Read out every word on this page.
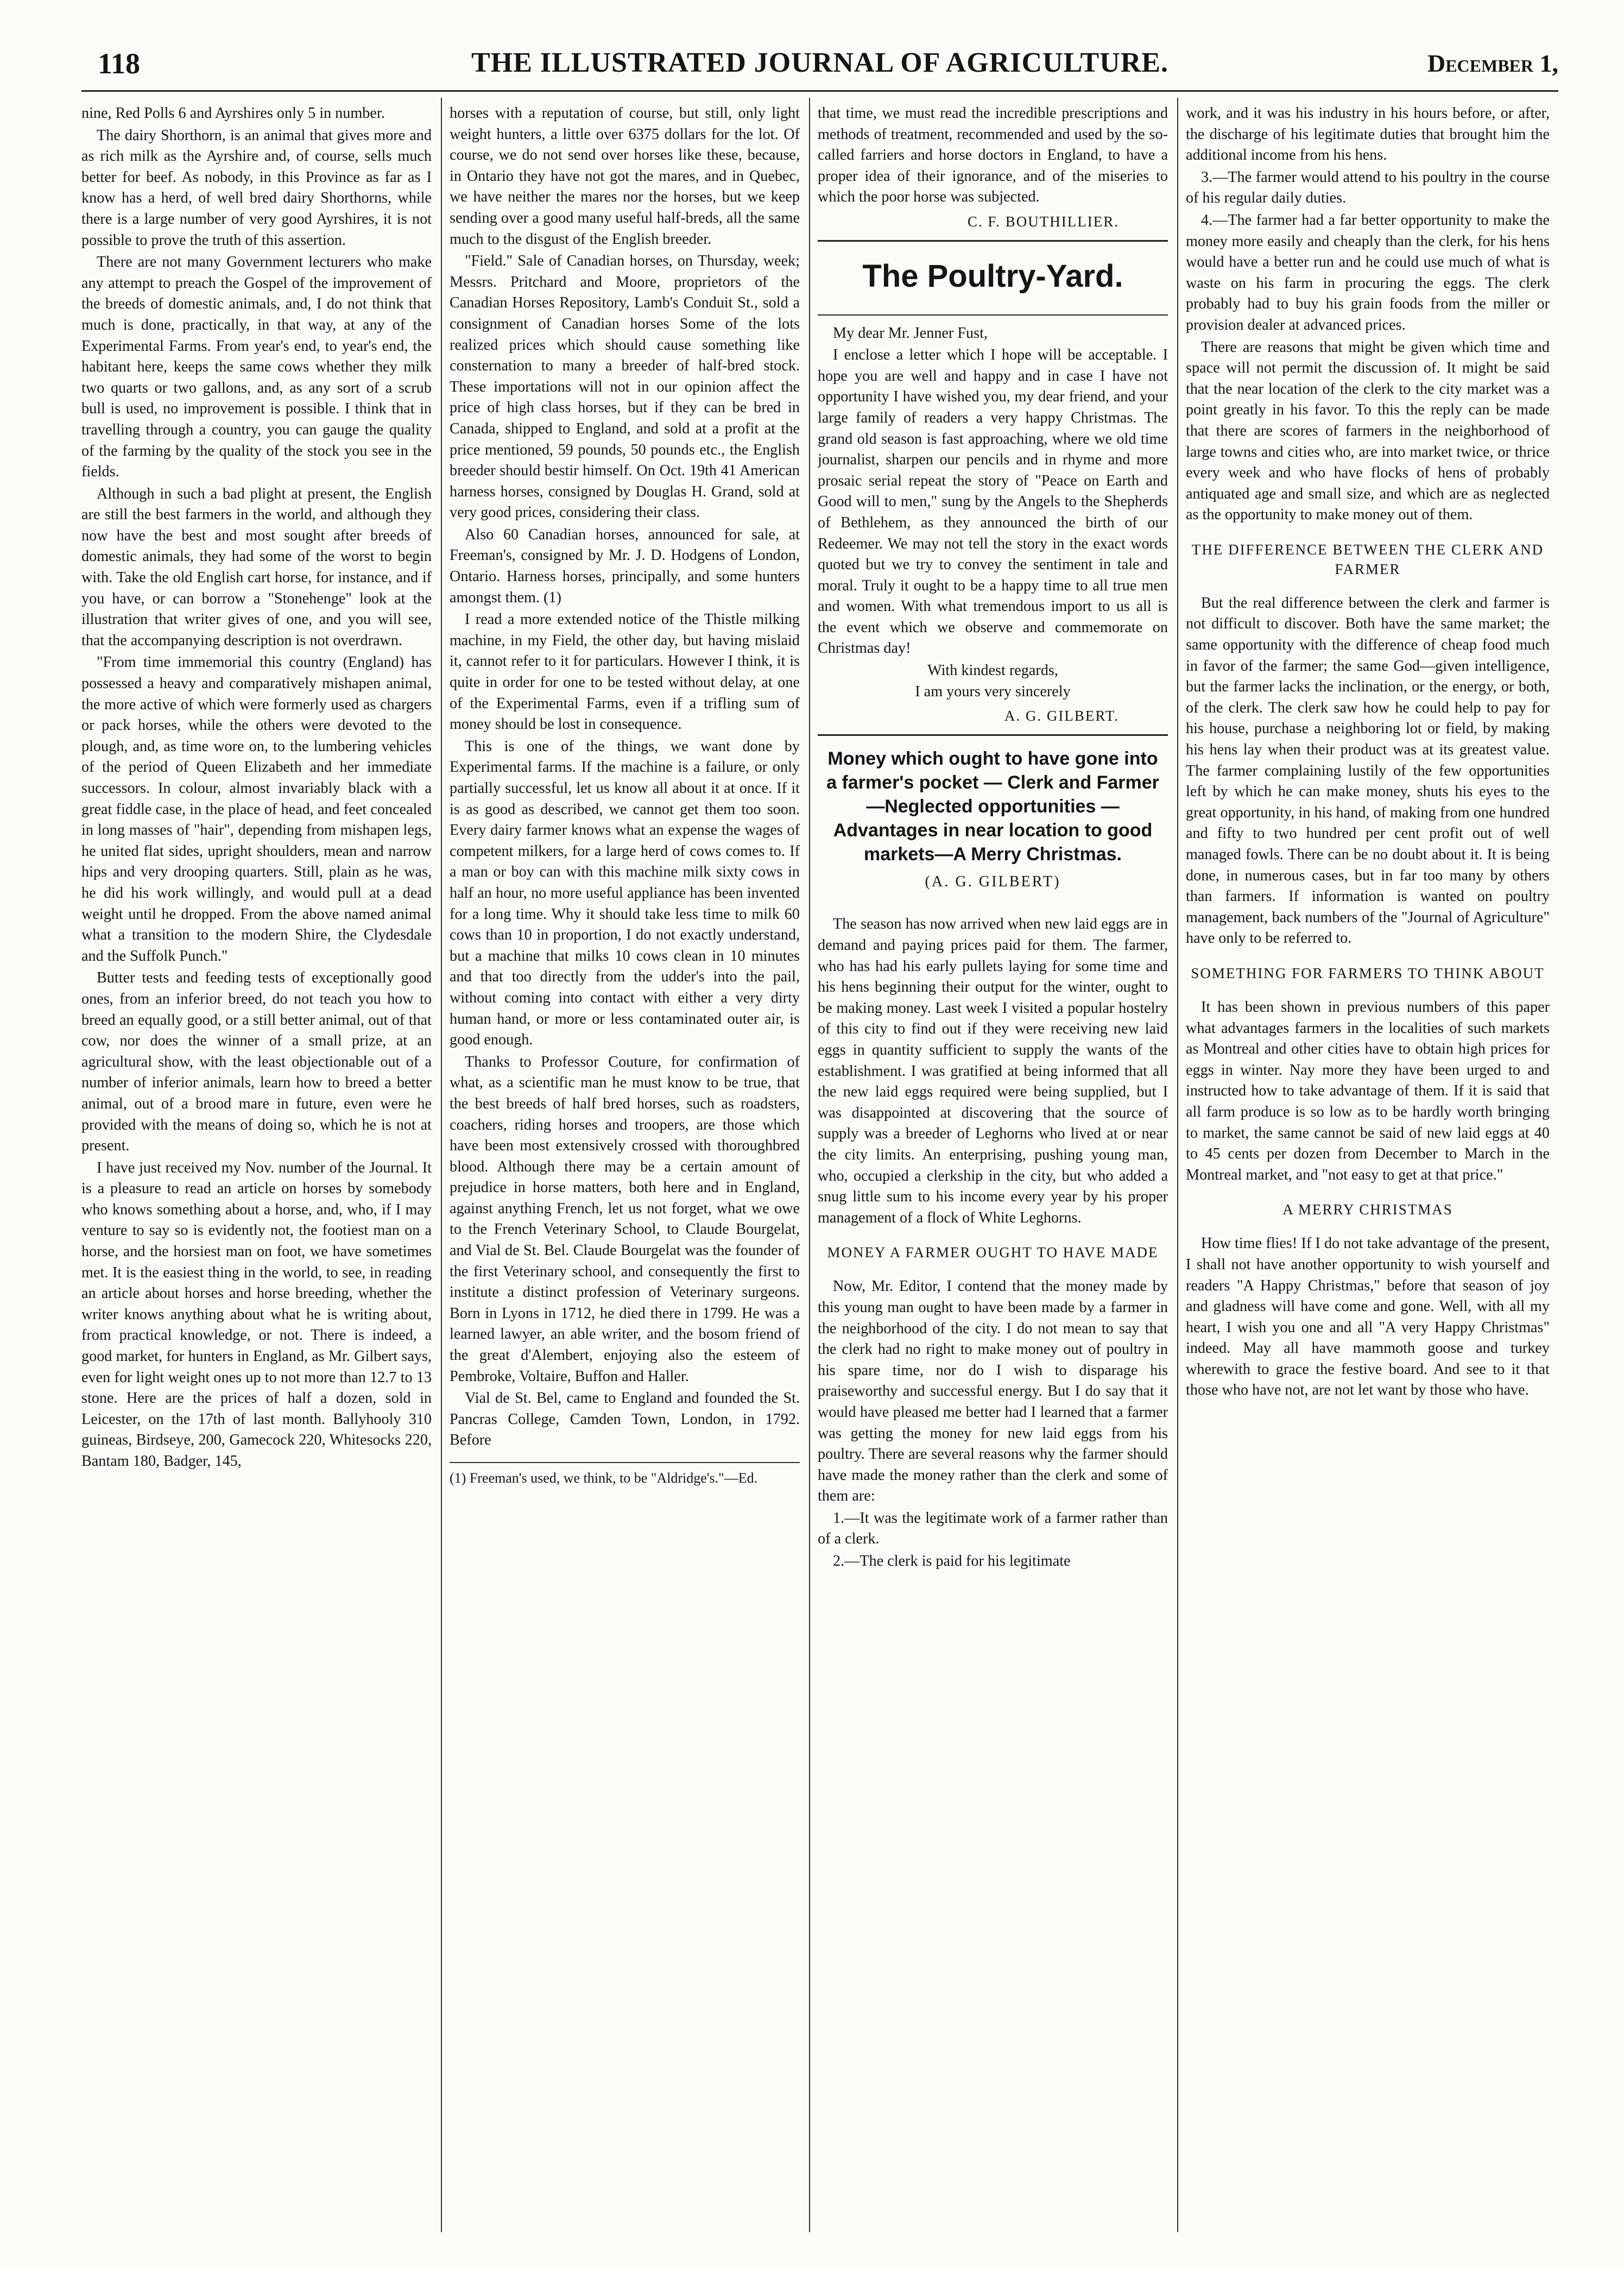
118	THE ILLUSTRATED JOURNAL OF AGRICULTURE.	December 1,

nine, Red Polls 6 and Ayrshires only 5 in number.

The dairy Shorthorn, is an animal that gives more and as rich milk as the Ayrshire and, of course, sells much better for beef. As nobody, in this Province as far as I know has a herd, of well bred dairy Shorthorns, while there is a large number of very good Ayrshires, it is not possible to prove the truth of this assertion.

There are not many Government lecturers who make any attempt to preach the Gospel of the improvement of the breeds of domestic animals, and, I do not think that much is done, practically, in that way, at any of the Experimental Farms. From year's end, to year's end, the habitant here, keeps the same cows whether they milk two quarts or two gallons, and, as any sort of a scrub bull is used, no improvement is possible. I think that in travelling through a country, you can gauge the quality of the farming by the quality of the stock you see in the fields.

Although in such a bad plight at present, the English are still the best farmers in the world, and although they now have the best and most sought after breeds of domestic animals, they had some of the worst to begin with. Take the old English cart horse, for instance, and if you have, or can borrow a "Stonehenge" look at the illustration that writer gives of one, and you will see, that the accompanying description is not overdrawn.

"From time immemorial this country (England) has possessed a heavy and comparatively mishapen animal, the more active of which were formerly used as chargers or pack horses, while the others were devoted to the plough, and, as time wore on, to the lumbering vehicles of the period of Queen Elizabeth and her immediate successors. In colour, almost invariably black with a great fiddle case, in the place of head, and feet concealed in long masses of "hair", depending from mishapen legs, he united flat sides, upright shoulders, mean and narrow hips and very drooping quarters. Still, plain as he was, he did his work willingly, and would pull at a dead weight until he dropped. From the above named animal what a transition to the modern Shire, the Clydesdale and the Suffolk Punch."

Butter tests and feeding tests of exceptionally good ones, from an inferior breed, do not teach you how to breed an equally good, or a still better animal, out of that cow, nor does the winner of a small prize, at an agricultural show, with the least objectionable out of a number of inferior animals, learn how to breed a better animal, out of a brood mare in future, even were he provided with the means of doing so, which he is not at present.

I have just received my Nov. number of the Journal. It is a pleasure to read an article on horses by somebody who knows something about a horse, and, who, if I may venture to say so is evidently not, the footiest man on a horse, and the horsiest man on foot, we have sometimes met. It is the easiest thing in the world, to see, in reading an article about horses and horse breeding, whether the writer knows anything about what he is writing about, from practical knowledge, or not. There is indeed, a good market, for hunters in England, as Mr. Gilbert says, even for light weight ones up to not more than 12.7 to 13 stone. Here are the prices of half a dozen, sold in Leicester, on the 17th of last month. Ballyhooly 310 guineas, Birdseye, 200, Gamecock 220, Whitesocks 220, Bantam 180, Badger, 145,

horses with a reputation of course, but still, only light weight hunters, a little over 6375 dollars for the lot. Of course, we do not send over horses like these, because, in Ontario they have not got the mares, and in Quebec, we have neither the mares nor the horses, but we keep sending over a good many useful half-breds, all the same much to the disgust of the English breeder.

"Field." Sale of Canadian horses, on Thursday, week; Messrs. Pritchard and Moore, proprietors of the Canadian Horses Repository, Lamb's Conduit St., sold a consignment of Canadian horses Some of the lots realized prices which should cause something like consternation to many a breeder of half-bred stock. These importations will not in our opinion affect the price of high class horses, but if they can be bred in Canada, shipped to England, and sold at a profit at the price mentioned, 59 pounds, 50 pounds etc., the English breeder should bestir himself. On Oct. 19th 41 American harness horses, consigned by Douglas H. Grand, sold at very good prices, considering their class.

Also 60 Canadian horses, announced for sale, at Freeman's, consigned by Mr. J. D. Hodgens of London, Ontario. Harness horses, principally, and some hunters amongst them. (1)

I read a more extended notice of the Thistle milking machine, in my Field, the other day, but having mislaid it, cannot refer to it for particulars. However I think, it is quite in order for one to be tested without delay, at one of the Experimental Farms, even if a trifling sum of money should be lost in consequence.

This is one of the things, we want done by Experimental farms. If the machine is a failure, or only partially successful, let us know all about it at once. If it is as good as described, we cannot get them too soon. Every dairy farmer knows what an expense the wages of competent milkers, for a large herd of cows comes to. If a man or boy can with this machine milk sixty cows in half an hour, no more useful appliance has been invented for a long time. Why it should take less time to milk 60 cows than 10 in proportion, I do not exactly understand, but a machine that milks 10 cows clean in 10 minutes and that too directly from the udder's into the pail, without coming into contact with either a very dirty human hand, or more or less contaminated outer air, is good enough.

Thanks to Professor Couture, for confirmation of what, as a scientific man he must know to be true, that the best breeds of half bred horses, such as roadsters, coachers, riding horses and troopers, are those which have been most extensively crossed with thoroughbred blood. Although there may be a certain amount of prejudice in horse matters, both here and in England, against anything French, let us not forget, what we owe to the French Veterinary School, to Claude Bourgelat, and Vial de St. Bel. Claude Bourgelat was the founder of the first Veterinary school, and consequently the first to institute a distinct profession of Veterinary surgeons. Born in Lyons in 1712, he died there in 1799. He was a learned lawyer, an able writer, and the bosom friend of the great d'Alembert, enjoying also the esteem of Pembroke, Voltaire, Buffon and Haller.

Vial de St. Bel, came to England and founded the St. Pancras College, Camden Town, London, in 1792. Before

(1) Freeman's used, we think, to be "Aldridge's."—Ed.

that time, we must read the incredible prescriptions and methods of treatment, recommended and used by the so-called farriers and horse doctors in England, to have a proper idea of their ignorance, and of the miseries to which the poor horse was subjected.

C. F. BOUTHILLIER.
The Poultry-Yard.

My dear Mr. Jenner Fust,

I enclose a letter which I hope will be acceptable. I hope you are well and happy and in case I have not opportunity I have wished you, my dear friend, and your large family of readers a very happy Christmas. The grand old season is fast approaching, where we old time journalist, sharpen our pencils and in rhyme and more prosaic serial repeat the story of "Peace on Earth and Good will to men," sung by the Angels to the Shepherds of Bethlehem, as they announced the birth of our Redeemer. We may not tell the story in the exact words quoted but we try to convey the sentiment in tale and moral. Truly it ought to be a happy time to all true men and women. With what tremendous import to us all is the event which we observe and commemorate on Christmas day!

With kindest regards,
I am yours very sincerely
A. G. GILBERT.
Money which ought to have gone into a farmer's pocket — Clerk and Farmer—Neglected opportunities —Advantages in near location to good markets—A Merry Christmas.
(A. G. GILBERT)

The season has now arrived when new laid eggs are in demand and paying prices paid for them. The farmer, who has had his early pullets laying for some time and his hens beginning their output for the winter, ought to be making money. Last week I visited a popular hostelry of this city to find out if they were receiving new laid eggs in quantity sufficient to supply the wants of the establishment. I was gratified at being informed that all the new laid eggs required were being supplied, but I was disappointed at discovering that the source of supply was a breeder of Leghorns who lived at or near the city limits. An enterprising, pushing young man, who, occupied a clerkship in the city, but who added a snug little sum to his income every year by his proper management of a flock of White Leghorns.

MONEY A FARMER OUGHT TO HAVE MADE

Now, Mr. Editor, I contend that the money made by this young man ought to have been made by a farmer in the neighborhood of the city. I do not mean to say that the clerk had no right to make money out of poultry in his spare time, nor do I wish to disparage his praiseworthy and successful energy. But I do say that it would have pleased me better had I learned that a farmer was getting the money for new laid eggs from his poultry. There are several reasons why the farmer should have made the money rather than the clerk and some of them are:

1.—It was the legitimate work of a farmer rather than of a clerk.

2.—The clerk is paid for his legitimate

work, and it was his industry in his hours before, or after, the discharge of his legitimate duties that brought him the additional income from his hens.

3.—The farmer would attend to his poultry in the course of his regular daily duties.

4.—The farmer had a far better opportunity to make the money more easily and cheaply than the clerk, for his hens would have a better run and he could use much of what is waste on his farm in procuring the eggs. The clerk probably had to buy his grain foods from the miller or provision dealer at advanced prices.

There are reasons that might be given which time and space will not permit the discussion of. It might be said that the near location of the clerk to the city market was a point greatly in his favor. To this the reply can be made that there are scores of farmers in the neighborhood of large towns and cities who, are into market twice, or thrice every week and who have flocks of hens of probably antiquated age and small size, and which are as neglected as the opportunity to make money out of them.

THE DIFFERENCE BETWEEN THE CLERK AND FARMER

But the real difference between the clerk and farmer is not difficult to discover. Both have the same market; the same opportunity with the difference of cheap food much in favor of the farmer; the same God—given intelligence, but the farmer lacks the inclination, or the energy, or both, of the clerk. The clerk saw how he could help to pay for his house, purchase a neighboring lot or field, by making his hens lay when their product was at its greatest value. The farmer complaining lustily of the few opportunities left by which he can make money, shuts his eyes to the great opportunity, in his hand, of making from one hundred and fifty to two hundred per cent profit out of well managed fowls. There can be no doubt about it. It is being done, in numerous cases, but in far too many by others than farmers. If information is wanted on poultry management, back numbers of the "Journal of Agriculture" have only to be referred to.

SOMETHING FOR FARMERS TO THINK ABOUT

It has been shown in previous numbers of this paper what advantages farmers in the localities of such markets as Montreal and other cities have to obtain high prices for eggs in winter. Nay more they have been urged to and instructed how to take advantage of them. If it is said that all farm produce is so low as to be hardly worth bringing to market, the same cannot be said of new laid eggs at 40 to 45 cents per dozen from December to March in the Montreal market, and "not easy to get at that price."

A MERRY CHRISTMAS

How time flies! If I do not take advantage of the present, I shall not have another opportunity to wish yourself and readers "A Happy Christmas," before that season of joy and gladness will have come and gone. Well, with all my heart, I wish you one and all "A very Happy Christmas" indeed. May all have mammoth goose and turkey wherewith to grace the festive board. And see to it that those who have not, are not let want by those who have.
